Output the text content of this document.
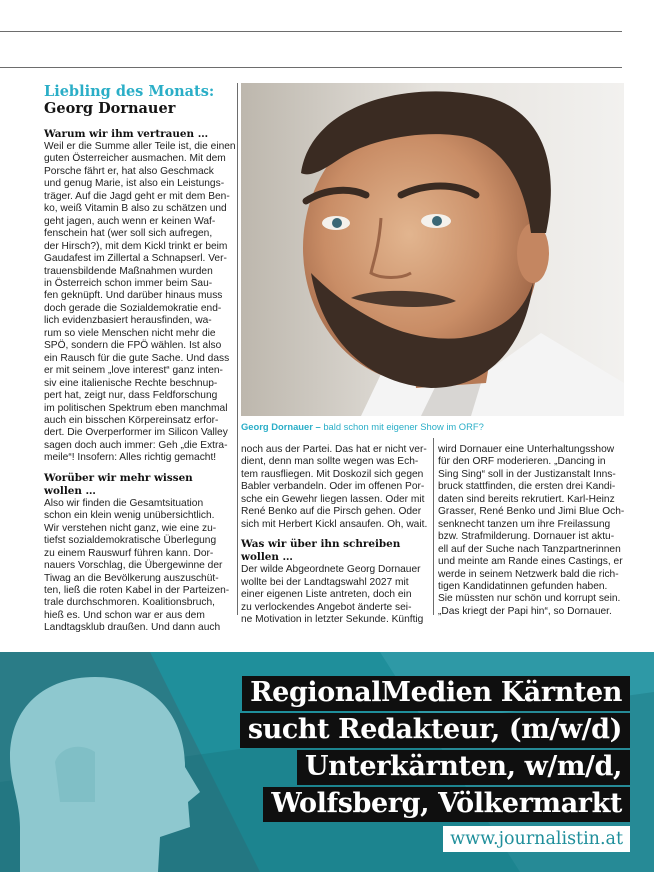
Liebling des Monats:
Georg Dornauer
Warum wir ihm vertrauen …
Weil er die Summe aller Teile ist, die einen
guten Österreicher ausmachen. Mit dem
Porsche fährt er, hat also Geschmack
und genug Marie, ist also ein Leistungs-
träger. Auf die Jagd geht er mit dem Ben-
ko, weiß Vitamin B also zu schätzen und
geht jagen, auch wenn er keinen Waf-
fenschein hat (wer soll sich aufregen,
der Hirsch?), mit dem Kickl trinkt er beim
Gaudafest im Zillertal a Schnapserl. Ver-
trauensbildende Maßnahmen wurden
in Österreich schon immer beim Sau-
fen geknüpft. Und darüber hinaus muss
doch gerade die Sozialdemokratie end-
lich evidenzbasiert herausfinden, wa-
rum so viele Menschen nicht mehr die
SPÖ, sondern die FPÖ wählen. Ist also
ein Rausch für die gute Sache. Und dass
er mit seinem „love interest“ ganz inten-
siv eine italienische Rechte beschnup-
pert hat, zeigt nur, dass Feldforschung
im politischen Spektrum eben manchmal
auch ein bisschen Körpereinsatz erfor-
dert. Die Overperformer im Silicon Valley
sagen doch auch immer: Geh „die Extra-
meile“! Insofern: Alles richtig gemacht!
Worüber wir mehr wissen wollen …
Also wir finden die Gesamtsituation
schon ein klein wenig unübersichtlich.
Wir verstehen nicht ganz, wie eine zu-
tiefst sozialdemokratische Überlegung
zu einem Rauswurf führen kann. Dor-
nauers Vorschlag, die Übergewinne der
Tiwag an die Bevölkerung auszuschüt-
ten, ließ die roten Kabel in der Parteizen-
trale durchschmoren. Koalitionsbruch,
hieß es. Und schon war er aus dem
Landtagsklub draußen. Und dann auch
Georg Dornauer – bald schon mit eigener Show im ORF?
noch aus der Partei. Das hat er nicht ver-
dient, denn man sollte wegen was Ech-
tem rausfliegen. Mit Doskozil sich gegen
Babler verbandeln. Oder im offenen Por-
sche ein Gewehr liegen lassen. Oder mit
René Benko auf die Pirsch gehen. Oder
sich mit Herbert Kickl ansaufen. Oh, wait.
Was wir über ihn schreiben wollen …
Der wilde Abgeordnete Georg Dornauer
wollte bei der Landtagswahl 2027 mit
einer eigenen Liste antreten, doch ein
zu verlockendes Angebot änderte sei-
ne Motivation in letzter Sekunde. Künftig
wird Dornauer eine Unterhaltungsshow
für den ORF moderieren. „Dancing in
Sing Sing“ soll in der Justizanstalt Inns-
bruck stattfinden, die ersten drei Kandi-
daten sind bereits rekrutiert. Karl-Heinz
Grasser, René Benko und Jimi Blue Och-
senknecht tanzen um ihre Freilassung
bzw. Strafmilderung. Dornauer ist aktu-
ell auf der Suche nach Tanzpartnerinnen
und meinte am Rande eines Castings, er
werde in seinem Netzwerk bald die rich-
tigen Kandidatinnen gefunden haben.
Sie müssten nur schön und korrupt sein.
„Das kriegt der Papi hin“, so Dornauer.
RegionalMedien Kärnten
sucht Redakteur, (m/w/d)
Unterkärnten, w/m/d,
Wolfsberg, Völkermarkt
www.journalistin.at
